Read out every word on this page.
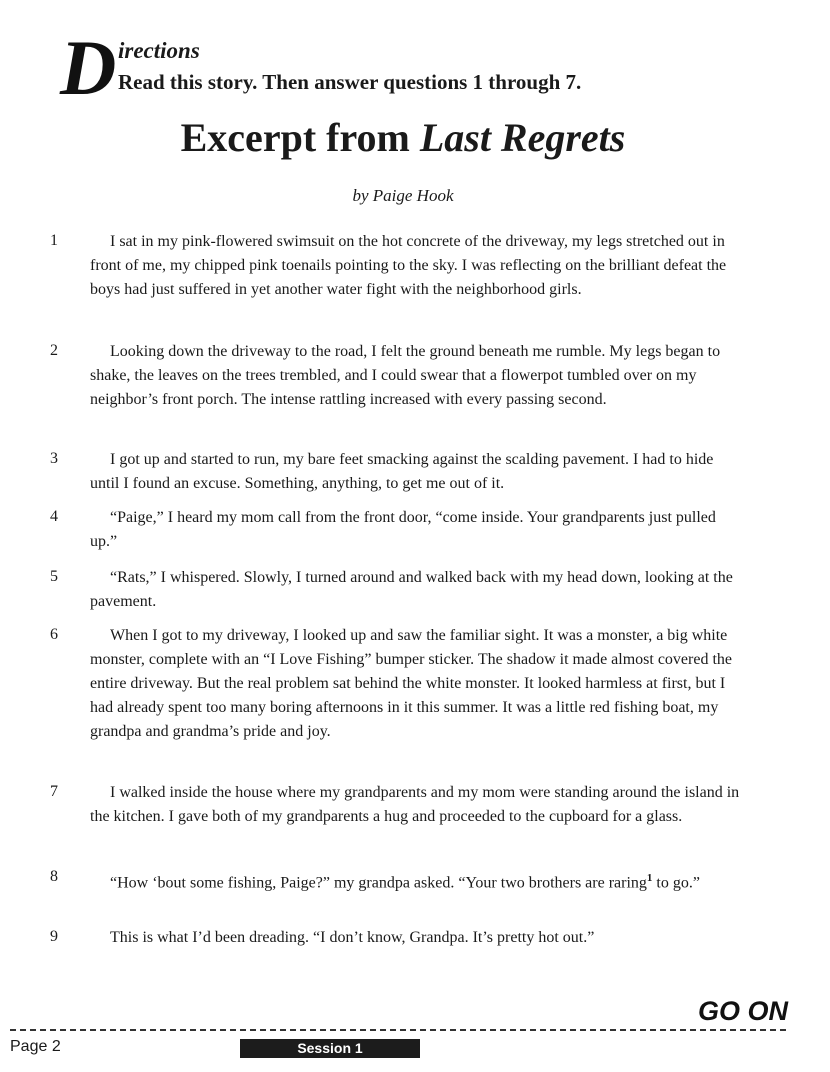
D irections
Read this story. Then answer questions 1 through 7.
Excerpt from Last Regrets
by Paige Hook
1	I sat in my pink-flowered swimsuit on the hot concrete of the driveway, my legs stretched out in front of me, my chipped pink toenails pointing to the sky. I was reflecting on the brilliant defeat the boys had just suffered in yet another water fight with the neighborhood girls.

2	Looking down the driveway to the road, I felt the ground beneath me rumble. My legs began to shake, the leaves on the trees trembled, and I could swear that a flowerpot tumbled over on my neighbor’s front porch. The intense rattling increased with every passing second.

3	I got up and started to run, my bare feet smacking against the scalding pavement. I had to hide until I found an excuse. Something, anything, to get me out of it.

4	“Paige,” I heard my mom call from the front door, “come inside. Your grandparents just pulled up.”

5	“Rats,” I whispered. Slowly, I turned around and walked back with my head down, looking at the pavement.

6	When I got to my driveway, I looked up and saw the familiar sight. It was a monster, a big white monster, complete with an “I Love Fishing” bumper sticker. The shadow it made almost covered the entire driveway. But the real problem sat behind the white monster. It looked harmless at first, but I had already spent too many boring afternoons in it this summer. It was a little red fishing boat, my grandpa and grandma’s pride and joy.

7	I walked inside the house where my grandparents and my mom were standing around the island in the kitchen. I gave both of my grandparents a hug and proceeded to the cupboard for a glass.

8	“How ‘bout some fishing, Paige?” my grandpa asked. “Your two brothers are raring$^1$ to go.”

9	This is what I’d been dreading. “I don’t know, Grandpa. It’s pretty hot out.”

GO ON
Page 2	Session 1
